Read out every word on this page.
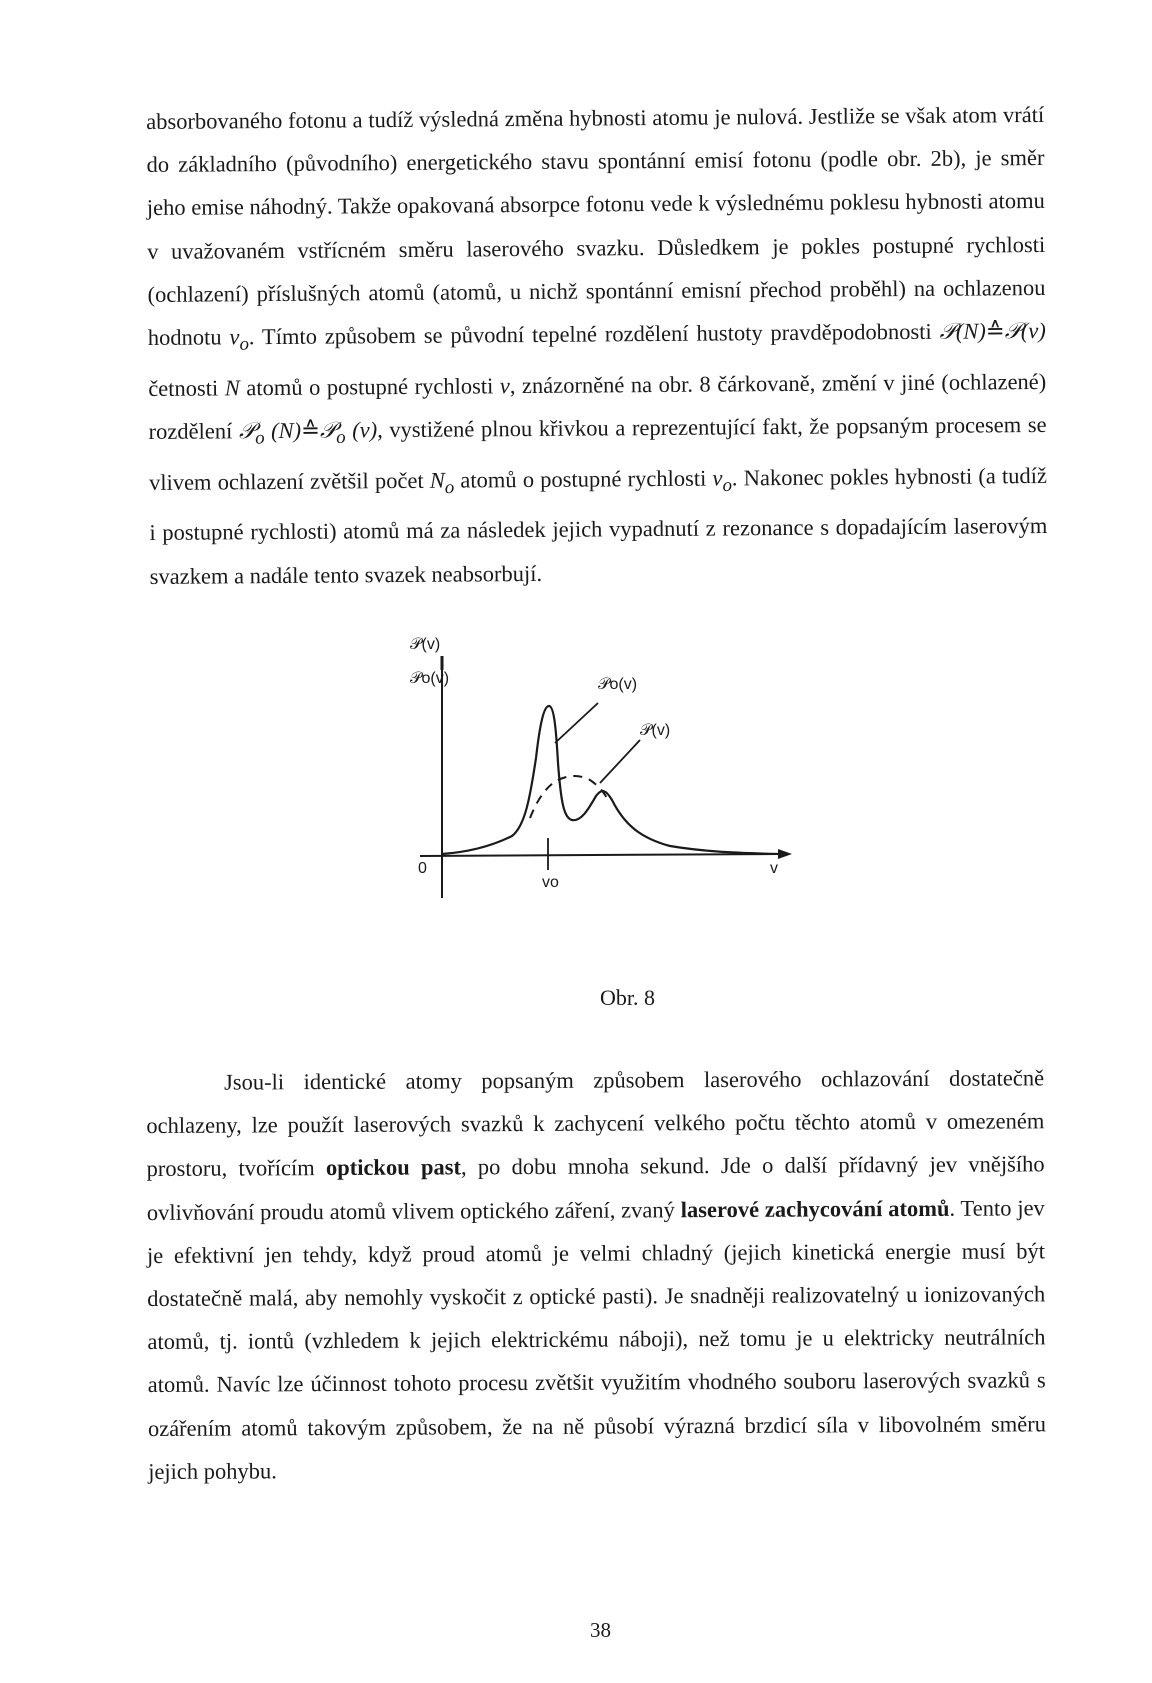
absorbovaného fotonu a tudíž výsledná změna hybnosti atomu je nulová. Jestliže se však atom vrátí do základního (původního) energetického stavu spontánní emisí fotonu (podle obr. 2b), je směr jeho emise náhodný. Takže opakovaná absorpce fotonu vede k výslednému poklesu hybnosti atomu v uvažovaném vstřícném směru laserového svazku. Důsledkem je pokles postupné rychlosti (ochlazení) příslušných atomů (atomů, u nichž spontánní emisní přechod proběhl) na ochlazenou hodnotu $v_o$. Tímto způsobem se původní tepelné rozdělení hustoty pravděpodobnosti 𝒫(N)≙𝒫(v) četnosti N atomů o postupné rychlosti v, znázorněné na obr. 8 čárkovaně, změní v jiné (ochlazené) rozdělení 𝒫$_o$ (N)≙𝒫$_o$ (v), vystižené plnou křivkou a reprezentující fakt, že popsaným procesem se vlivem ochlazení zvětšil počet $N_o$ atomů o postupné rychlosti $v_o$. Nakonec pokles hybnosti (a tudíž i postupné rychlosti) atomů má za následek jejich vypadnutí z rezonance s dopadajícím laserovým svazkem a nadále tento svazek neabsorbují.

𝒫(v)
𝒫o(v)	𝒫o(v)
𝒫(v)
0	v
vo
Obr. 8

Jsou-li identické atomy popsaným způsobem laserového ochlazování dostatečně ochlazeny, lze použít laserových svazků k zachycení velkého počtu těchto atomů v omezeném prostoru, tvořícím optickou past, po dobu mnoha sekund. Jde o další přídavný jev vnějšího ovlivňování proudu atomů vlivem optického záření, zvaný laserové zachycování atomů. Tento jev je efektivní jen tehdy, když proud atomů je velmi chladný (jejich kinetická energie musí být dostatečně malá, aby nemohly vyskočit z optické pasti). Je snadněji realizovatelný u ionizovaných atomů, tj. iontů (vzhledem k jejich elektrickému náboji), než tomu je u elektricky neutrálních atomů. Navíc lze účinnost tohoto procesu zvětšit využitím vhodného souboru laserových svazků s ozářením atomů takovým způsobem, že na ně působí výrazná brzdicí síla v libovolném směru jejich pohybu.

38
